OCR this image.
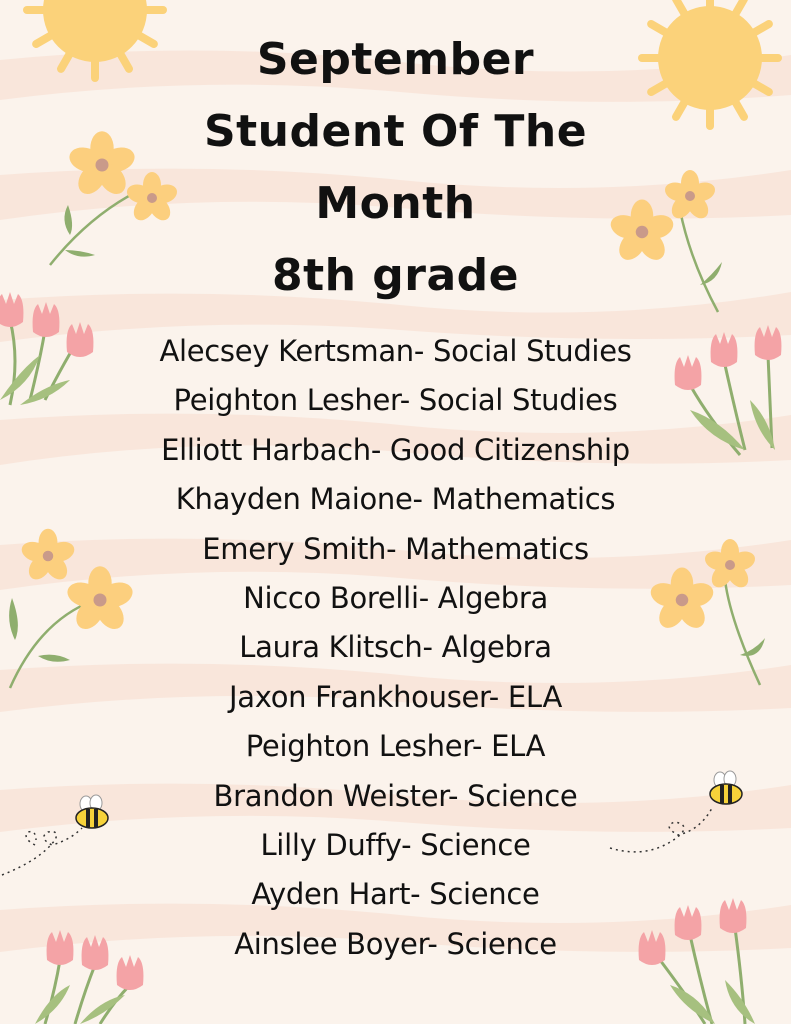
September
Student Of The
Month
8th grade
Alecsey Kertsman- Social Studies
Peighton Lesher- Social Studies
Elliott Harbach- Good Citizenship
Khayden Maione- Mathematics
Emery Smith- Mathematics
Nicco Borelli- Algebra
Laura Klitsch- Algebra
Jaxon Frankhouser- ELA
Peighton Lesher- ELA
Brandon Weister- Science
Lilly Duffy- Science
Ayden Hart- Science
Ainslee Boyer- Science
